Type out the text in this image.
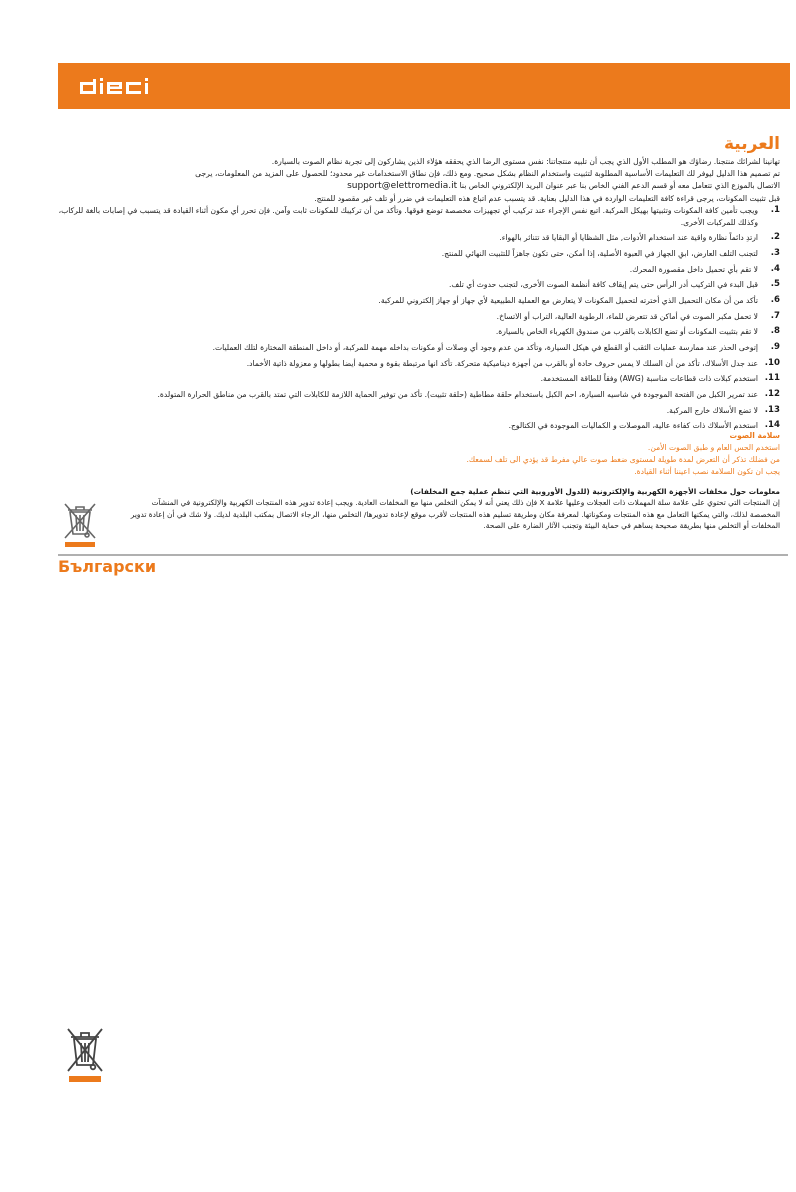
العربية

تهانينا لشرائك منتجنا. رضاؤك هو المطلب الأول الذي يجب أن تلبيه منتجاتنا: نفس مستوى الرضا الذي يحققه هؤلاء الذين يشاركون إلى تجربة نظام الصوت بالسيارة.

تم تصميم هذا الدليل ليوفر لك التعليمات الأساسية المطلوبة لتثبيت واستخدام النظام بشكل صحيح. ومع ذلك، فإن نطاق الاستخدامات غير محدود؛ للحصول على المزيد من المعلومات، يرجى

الاتصال بالموزع الذي تتعامل معه أو قسم الدعم الفني الخاص بنا عبر عنوان البريد الإلكتروني الخاص بنا support@elettromedia.it

قبل تثبيت المكونات، يرجى قراءة كافة التعليمات الواردة في هذا الدليل بعناية. قد يتسبب عدم اتباع هذه التعليمات في ضرر أو تلف غير مقصود للمنتج.

1.
ويجب تأمين كافة المكونات وتثبيتها بهيكل المركبة. اتبع نفس الإجراء عند تركيب أي تجهيزات مخصصة توضع فوقها. وتأكد من أن تركيبك للمكونات ثابت وآمن. فإن تحرر أي مكون أثناء القيادة قد يتسبب في إصابات بالغة للركاب، وكذلك للمركبات الأخرى.
2.
ارتدِ دائماً نظارة واقية عند استخدام الأدوات, مثل الشظايا أو البقايا قد تتناثر بالهواء.
3.
لتجنب التلف العارض، ابقِ الجهاز في العبوة الأصلية، إذا أمكن، حتى تكون جاهزاً للتثبيت النهائي للمنتج.
4.
لا تقم بأي تحميل داخل مقصورة المحرك.
5.
قبل البدء في التركيب أدر الرأس حتى يتم إيقاف كافة أنظمة الصوت الأخرى، لتجنب حدوث أي تلف.
6.
تأكد من أن مكان التحميل الذي أخترته لتحميل المكونات لا يتعارض مع العملية الطبيعية لأي جهاز أو جهاز إلكتروني للمركبة.
7.
لا تحمل مكبر الصوت في أماكن قد تتعرض للماء، الرطوبة العالية، التراب أو الاتساخ.
8.
لا تقم بتثبيت المكونات أو تضع الكابلات بالقرب من صندوق الكهرباء الخاص بالسيارة.
9.
إتوخى الحذر عند ممارسة عمليات الثقب أو القطع في هيكل السيارة، وتأكد من عدم وجود أي وصلات أو مكونات بداخله مهمة للمركبة، أو داخل المنطقة المختارة لتلك العمليات.
10.
عند جدل الأسلاك، تأكد من أن السلك لا يمس حروف حادة أو بالقرب من أجهزة ديناميكية متحركة. تأكد انها مرتبطة بقوة و محمية أيضا بطولها و معزولة ذاتية الأخماد.
11.
استخدم كبلات ذات قطاعات مناسبة (AWG) وفقاً للطاقة المستخدمة.
12.
عند تمرير الكبل من الفتحة الموجودة في شاسيه السيارة، احم الكبل باستخدام حلقة مطاطية (حلقة تثبيت). تأكد من توفير الحماية اللازمة للكابلات التي تمتد بالقرب من مناطق الحرارة المتولدة.
13.
لا تضع الأسلاك خارج المركبة.
14.
استخدم الأسلاك ذات كفاءة عالية، الموصلات و الكماليات الموجودة في الكتالوج.
سلامة الصوت
استخدم الحس العام و طبق الصوت الأمن.
من فضلك تذكر أن التعرض لمدة طويلة لمستوى ضغط صوت عالي مفرط قد يؤدي الى تلف لسمعك.
يجب ان تكون السلامة نصب اعيننا أثناء القيادة.

معلومات حول مخلفات الأجهزة الكهربية والإلكترونية (للدول الأوروبية التي تنظم عملية جمع المخلفات)

إن المنتجات التي تحتوي على علامة سلة المهملات ذات العجلات وعليها علامة X فإن ذلك يعني أنه لا يمكن التخلص منها مع المخلفات العادية. ويجب إعادة تدوير هذه المنتجات الكهربية والإلكترونية في المنشآت المخصصة لذلك، والتي يمكنها التعامل مع هذه المنتجات ومكوناتها. لمعرفة مكان وطريقة تسليم هذه المنتجات لأقرب موقع لإعادة تدويرها/ التخلص منها، الرجاء الاتصال بمكتب البلدية لديك. ولا شك في أن إعادة تدوير المخلفات أو التخلص منها بطريقة صحيحة يساهم في حماية البيئة وتجنب الآثار الضارة على الصحة.

Български
